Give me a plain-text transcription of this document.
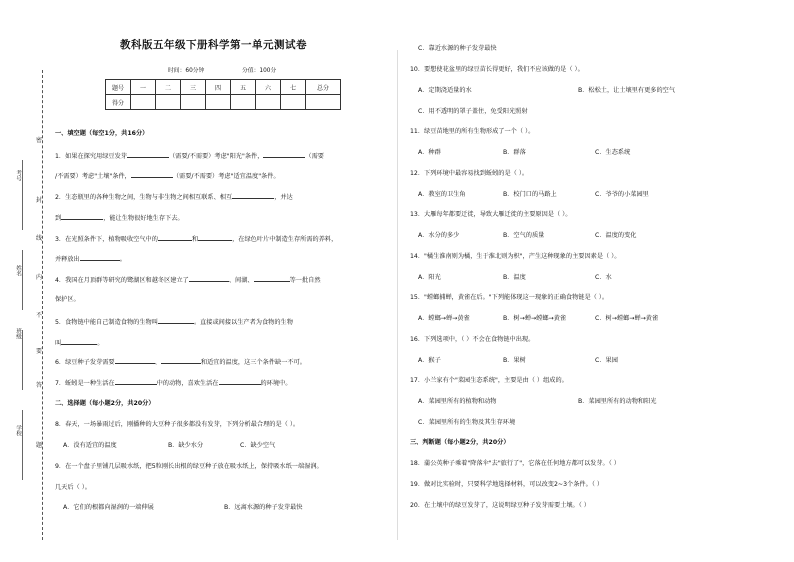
考号
姓名
班级
学校
密
封
线
内
不
要
答
题
教科版五年级下册科学第一单元测试卷
时间：60分钟	分值：100分
题号	一	二	三	四	五	六	七	总分
得分								
一、填空题（每空1分，共16分）
1．如果在探究用绿豆发芽	（需要/不需要）考虑"阳光"条件，	（需要
/不需要）考虑"土壤"条件，	（需要/不需要）考虑"适宜温度"条件。
2．生态瓶里的各种生物之间，生物与非生物之间相互联系、相互	，并达
到	，能让生物很好地生存下去。
3．在光照条件下，植物吸收空气中的	和	，在绿色叶片中制造生存所需的养料，
并释放出	。
4．我国在月頂群等研究的鹭湖区和越冬区建立了	、间湖、	等一批自然
保护区。
5．食物链中能自己制造食物的生物叫	。直接或间接以生产者为食物的生物
叫	。
6．绿豆种子发芽需要	、	和适宜的温度，这三个条件缺一不可。
7．蚯蚓是一种生活在	中的动物，喜欢生活在	的环境中。
二、选择题（每小题2分，共20分）
8．春天，一场暴雨过后，刚播种的大豆种子很多都没有发芽，下列分析最合理的是（ ）。
A．没有适宜的温度	B．缺少水分	C．缺少空气
9．在一个盘子里铺几层吸水纸，把5粒刚长出根的绿豆种子放在吸水纸上，保持吸水纸一端湿润。
几天后（ ）。
A．它们的根都向湿润的一端伸展	B．远离水源的种子发芽最快
C．靠近水源的种子发芽最快
10．要想使花盆里的绿豆苗长得更好，我们不应该做的是（ ）。
A．定期浇适量的水	B．松松土，让土壤里有更多的空气
C．用不透明的罩子盖住，免受阳光照射
11．绿豆苗地里的所有生物形成了一个（ ）。
A．种群	B．群落	C．生态系统
12．下列环境中最容易找到蚯蚓的是（ ）。
A．教室的卫生角	B．校门口的马路上	C．爷爷的小菜园里
13．大雁每年都要迁徙，导致大雁迁徙的主要原因是（ ）。
A．水分的多少	B．空气的质量	C．温度的变化
14．"橘生淮南则为橘，生于淮北则为枳"，产生这种现象的主要因素是（ ）。
A．阳光	B．温度	C．水
15．"螳螂捕蝉，黄雀在后。"下列能体现这一现象的正确食物链是（ ）。
A．螳螂→蝉→黄雀	B．树→蝉→螳螂→黄雀	C．树→螳螂→蝉→黄雀
16．下列选项中，（ ）不会在食物链中出现。
A．猴子	B．果树	C．果园
17．小兰家有个"菜园生态系统"，主要是由（ ）组成的。
A．菜园里所有的植物和动物	B．菜园里所有的动物和阳光
C．菜园里所有的生物及其生存环境
三、判断题（每小题2分，共20分）
18．蒲公英种子乘着"降落伞"去"旅行了"，它落在任何地方都可以发芽。（ ）
19．做对比实验时，只要科学地选择材料，可以改变2~3个条件。（ ）
20．在土壤中的绿豆发芽了，这说明绿豆种子发芽需要土壤。（ ）
